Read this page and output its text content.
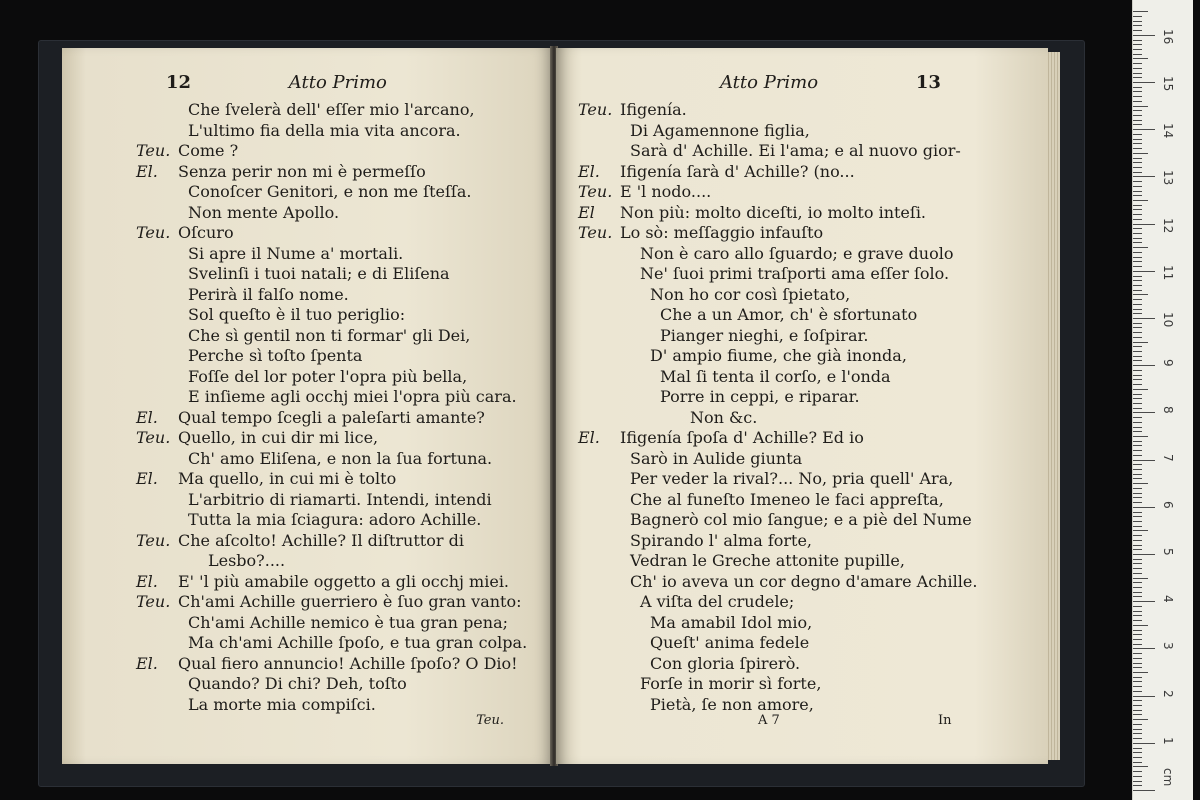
12	Atto Primo
Che ſvelerà dell' eſſer mio l'arcano,
L'ultimo fia della mia vita ancora.
Teu. Come ?
El. Senza perir non mi è permeſſo
Conoſcer Genitori, e non me ſteſſa.
Non mente Apollo.
Teu. Oſcuro
Si apre il Nume a' mortali.
Svelinſi i tuoi natali; e di Eliſena
Perirà il falſo nome.
Sol queſto è il tuo periglio:
Che sì gentil non ti formar' gli Dei,
Perche sì toſto ſpenta
Foſſe del lor poter l'opra più bella,
E inſieme agli occhj miei l'opra più cara.
El. Qual tempo ſcegli a paleſarti amante?
Teu. Quello, in cui dir mi lice,
Ch' amo Eliſena, e non la ſua fortuna.
El. Ma quello, in cui mi è tolto
L'arbitrio di riamarti. Intendi, intendi
Tutta la mia ſciagura: adoro Achille.
Teu. Che aſcolto! Achille? Il diſtruttor di
Lesbo?....
El. E' 'l più amabile oggetto a gli occhj miei.
Teu. Ch'ami Achille guerriero è ſuo gran vanto:
Ch'ami Achille nemico è tua gran pena;
Ma ch'ami Achille ſpoſo, e tua gran colpa.
El. Qual fiero annuncio! Achille ſpoſo? O Dio!
Quando? Di chi? Deh, toſto
La morte mia compiſci.
Teu.
Atto Primo	13
Teu. Ifigenía.
Di Agamennone figlia,
Sarà d' Achille. Ei l'ama; e al nuovo gior-
El. Ifigenía ſarà d' Achille? (no...
Teu. E 'l nodo....
El Non più: molto diceſti, io molto inteſi.
Teu. Lo sò: meſſaggio infauſto
Non è caro allo ſguardo; e grave duolo
Ne' ſuoi primi traſporti ama eſſer ſolo.
Non ho cor così ſpietato,
Che a un Amor, ch' è sfortunato
Pianger nieghi, e ſoſpirar.
D' ampio fiume, che già inonda,
Mal ſi tenta il corſo, e l'onda
Porre in ceppi, e riparar.
Non &c.
El. Ifigenía ſpoſa d' Achille? Ed io
Sarò in Aulide giunta
Per veder la rival?... No, pria quell' Ara,
Che al funeſto Imeneo le faci appreſta,
Bagnerò col mio ſangue; e a piè del Nume
Spirando l' alma forte,
Vedran le Greche attonite pupille,
Ch' io aveva un cor degno d'amare Achille.
A viſta del crudele;
Ma amabil Idol mio,
Queſt' anima fedele
Con gloria ſpirerò.
Forſe in morir sì forte,
Pietà, ſe non amore,
A 7	In
cm
1
2
3
4
5
6
7
8
9
10
11
12
13
14
15
16
